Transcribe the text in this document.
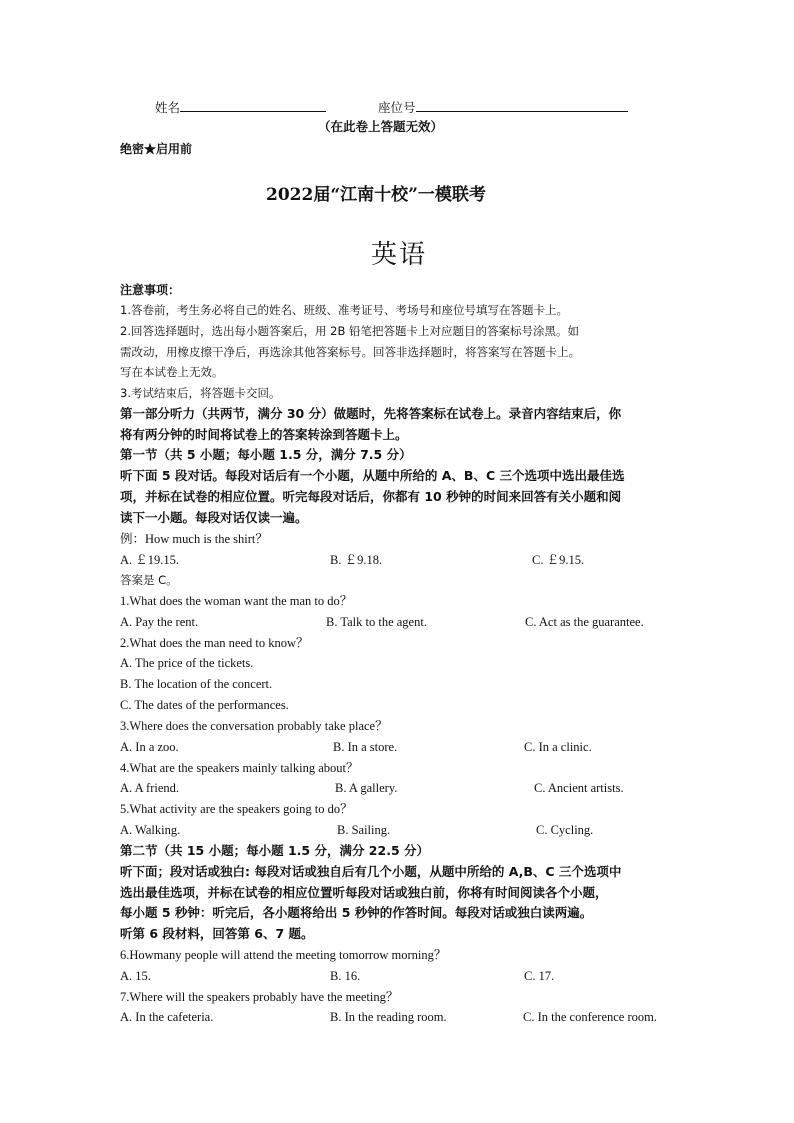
姓名	座位号
（在此卷上答题无效）
绝密★启用前
2022届“江南十校”一模联考
英语
注意事项：
1.答卷前，考生务必将自己的姓名、班级、准考证号、考场号和座位号填写在答题卡上。
2.回答选择题时，选出每小题答案后，用 2B 铅笔把答题卡上对应题目的答案标号涂黑。如
需改动，用橡皮擦干净后，再选涂其他答案标号。回答非选择题时，将答案写在答题卡上。
写在本试卷上无效。
3.考试结束后，将答题卡交回。
第一部分听力（共两节，满分 30 分）做题时，先将答案标在试卷上。录音内容结束后，你
将有两分钟的时间将试卷上的答案转涂到答题卡上。
第一节（共 5 小题；每小题 1.5 分，满分 7.5 分）
听下面 5 段对话。每段对话后有一个小题，从题中所给的 A、B、C 三个选项中选出最佳选
项，并标在试卷的相应位置。听完每段对话后，你都有 10 秒钟的时间来回答有关小题和阅
读下一小题。每段对话仅读一遍。
例：How much is the shirt？
A. ￡19.15.	B. ￡9.18.	C. ￡9.15.
答案是 C。
1.What does the woman want the man to do？
A. Pay the rent.	B. Talk to the agent.	C. Act as the guarantee.
2.What does the man need to know？
A. The price of the tickets.
B. The location of the concert.
C. The dates of the performances.
3.Where does the conversation probably take place？
A. In a zoo.	B. In a store.	C. In a clinic.
4.What are the speakers mainly talking about？
A. A friend.	B. A gallery.	C. Ancient artists.
5.What activity are the speakers going to do？
A. Walking.	B. Sailing.	C. Cycling.
第二节（共 15 小题；每小题 1.5 分，满分 22.5 分）
听下面；段对话或独白: 每段对话或独自后有几个小题，从题中所给的 A,B、C 三个选项中
选出最佳选项，并标在试卷的相应位置听每段对话或独白前，你将有时间阅读各个小题，
每小题 5 秒钟：听完后，各小题将给出 5 秒钟的作答时间。每段对话或独白读两遍。
听第 6 段材料，回答第 6、7 题。
6.Howmany people will attend the meeting tomorrow morning？
A. 15.	B. 16.	C. 17.
7.Where will the speakers probably have the meeting？
A. In the cafeteria.	B. In the reading room.	C. In the conference room.
